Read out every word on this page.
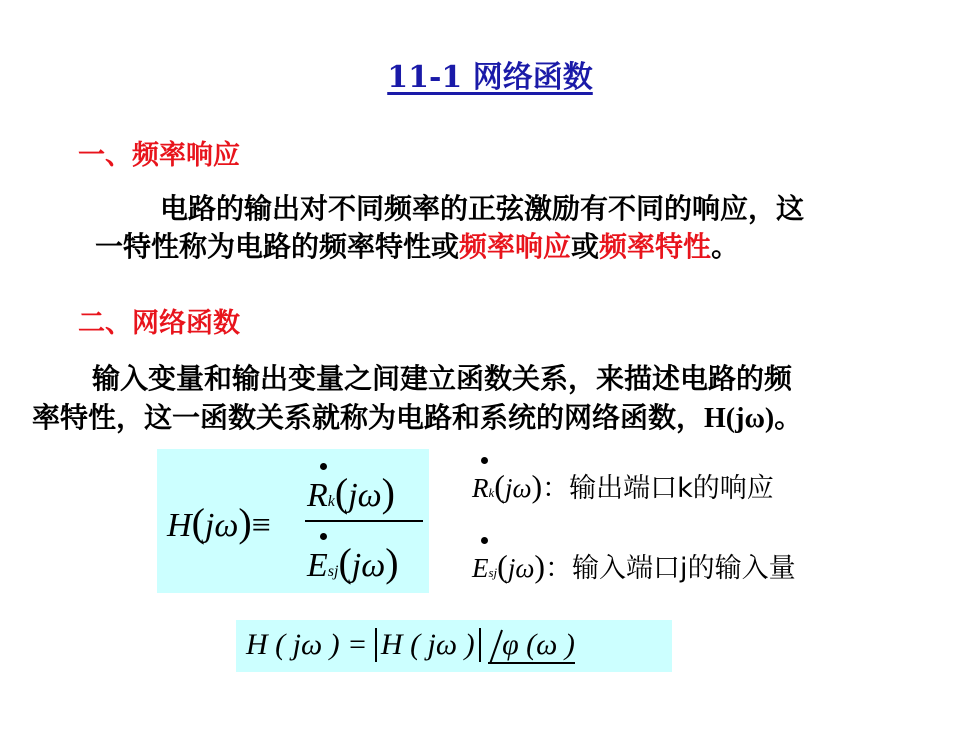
11-1 网络函数
一、频率响应
电路的输出对不同频率的正弦激励有不同的响应，这
一特性称为电路的频率特性或频率响应或频率特性。
二、网络函数
输入变量和输出变量之间建立函数关系，来描述电路的频
率特性，这一函数关系就称为电路和系统的网络函数，H(jω)。
H(jω)≡
Rk(jω)
Esj(jω)
Rk(jω)：输出端口k的响应
Esj(jω)：输入端口j的输入量
H ( jω ) = H ( jω ) φ (ω )
